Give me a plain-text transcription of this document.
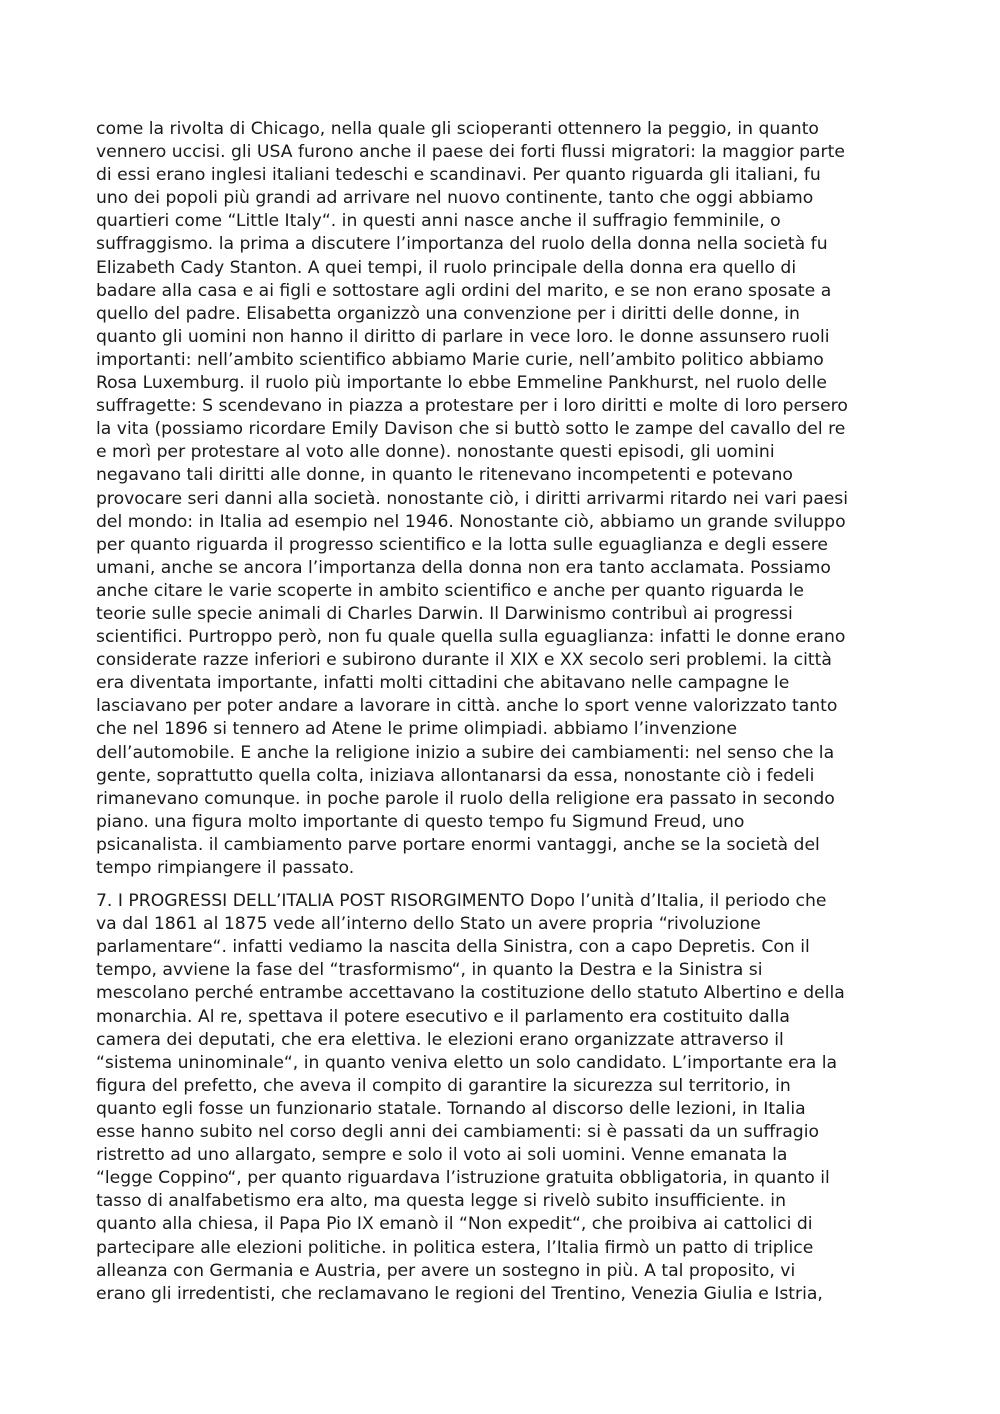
come la rivolta di Chicago, nella quale gli scioperanti ottennero la peggio, in quanto
vennero uccisi. gli USA furono anche il paese dei forti flussi migratori: la maggior parte
di essi erano inglesi italiani tedeschi e scandinavi. Per quanto riguarda gli italiani, fu
uno dei popoli più grandi ad arrivare nel nuovo continente, tanto che oggi abbiamo
quartieri come “Little Italy“. in questi anni nasce anche il suffragio femminile, o
suffraggismo. la prima a discutere l’importanza del ruolo della donna nella società fu
Elizabeth Cady Stanton. A quei tempi, il ruolo principale della donna era quello di
badare alla casa e ai figli e sottostare agli ordini del marito, e se non erano sposate a
quello del padre. Elisabetta organizzò una convenzione per i diritti delle donne, in
quanto gli uomini non hanno il diritto di parlare in vece loro. le donne assunsero ruoli
importanti: nell’ambito scientifico abbiamo Marie curie, nell’ambito politico abbiamo
Rosa Luxemburg. il ruolo più importante lo ebbe Emmeline Pankhurst, nel ruolo delle
suffragette: S scendevano in piazza a protestare per i loro diritti e molte di loro persero
la vita (possiamo ricordare Emily Davison che si buttò sotto le zampe del cavallo del re
e morì per protestare al voto alle donne). nonostante questi episodi, gli uomini
negavano tali diritti alle donne, in quanto le ritenevano incompetenti e potevano
provocare seri danni alla società. nonostante ciò, i diritti arrivarmi ritardo nei vari paesi
del mondo: in Italia ad esempio nel 1946. Nonostante ciò, abbiamo un grande sviluppo
per quanto riguarda il progresso scientifico e la lotta sulle eguaglianza e degli essere
umani, anche se ancora l’importanza della donna non era tanto acclamata. Possiamo
anche citare le varie scoperte in ambito scientifico e anche per quanto riguarda le
teorie sulle specie animali di Charles Darwin. Il Darwinismo contribuì ai progressi
scientifici. Purtroppo però, non fu quale quella sulla eguaglianza: infatti le donne erano
considerate razze inferiori e subirono durante il XIX e XX secolo seri problemi. la città
era diventata importante, infatti molti cittadini che abitavano nelle campagne le
lasciavano per poter andare a lavorare in città. anche lo sport venne valorizzato tanto
che nel 1896 si tennero ad Atene le prime olimpiadi. abbiamo l’invenzione
dell’automobile. E anche la religione inizio a subire dei cambiamenti: nel senso che la
gente, soprattutto quella colta, iniziava allontanarsi da essa, nonostante ciò i fedeli
rimanevano comunque. in poche parole il ruolo della religione era passato in secondo
piano. una figura molto importante di questo tempo fu Sigmund Freud, uno
psicanalista. il cambiamento parve portare enormi vantaggi, anche se la società del
tempo rimpiangere il passato.
7. I PROGRESSI DELL’ITALIA POST RISORGIMENTO Dopo l’unità d’Italia, il periodo che
va dal 1861 al 1875 vede all’interno dello Stato un avere propria “rivoluzione
parlamentare“. infatti vediamo la nascita della Sinistra, con a capo Depretis. Con il
tempo, avviene la fase del “trasformismo“, in quanto la Destra e la Sinistra si
mescolano perché entrambe accettavano la costituzione dello statuto Albertino e della
monarchia. Al re, spettava il potere esecutivo e il parlamento era costituito dalla
camera dei deputati, che era elettiva. le elezioni erano organizzate attraverso il
“sistema uninominale“, in quanto veniva eletto un solo candidato. L’importante era la
figura del prefetto, che aveva il compito di garantire la sicurezza sul territorio, in
quanto egli fosse un funzionario statale. Tornando al discorso delle lezioni, in Italia
esse hanno subito nel corso degli anni dei cambiamenti: si è passati da un suffragio
ristretto ad uno allargato, sempre e solo il voto ai soli uomini. Venne emanata la
“legge Coppino“, per quanto riguardava l’istruzione gratuita obbligatoria, in quanto il
tasso di analfabetismo era alto, ma questa legge si rivelò subito insufficiente. in
quanto alla chiesa, il Papa Pio IX emanò il “Non expedit“, che proibiva ai cattolici di
partecipare alle elezioni politiche. in politica estera, l’Italia firmò un patto di triplice
alleanza con Germania e Austria, per avere un sostegno in più. A tal proposito, vi
erano gli irredentisti, che reclamavano le regioni del Trentino, Venezia Giulia e Istria,
